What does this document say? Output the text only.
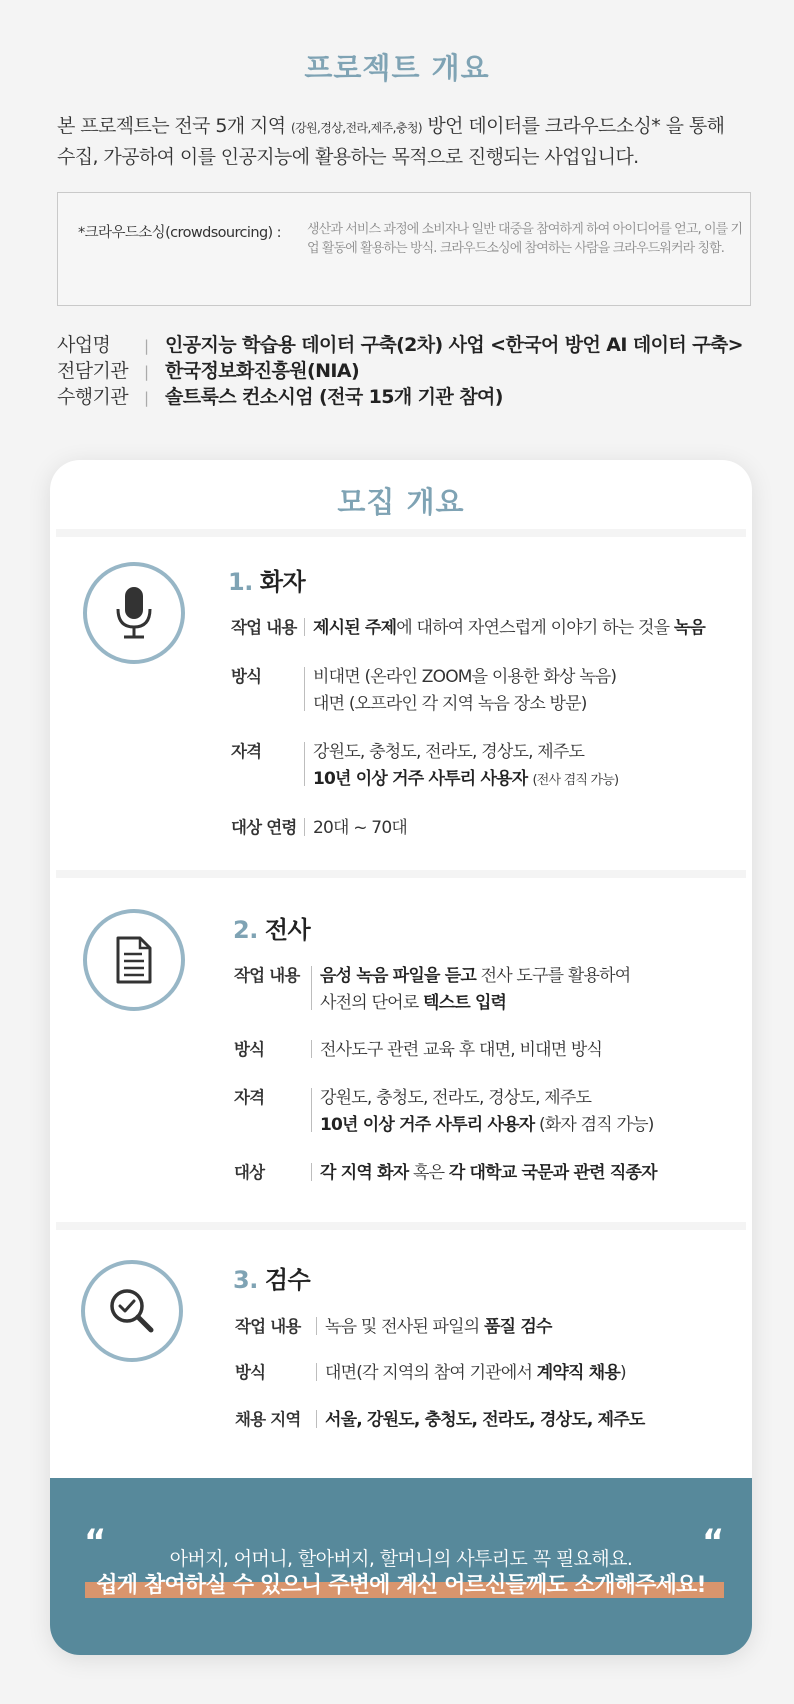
프로젝트 개요
본 프로젝트는 전국 5개 지역 (강원,경상,전라,제주,충청) 방언 데이터를 크라우드소싱* 을 통해
수집, 가공하여 이를 인공지능에 활용하는 목적으로 진행되는 사업입니다.
*크라우드소싱(crowdsourcing) : 생산과 서비스 과정에 소비자나 일반 대중을 참여하게 하여 아이디어를 얻고, 이를 기업 활동에 활용하는 방식. 크라우드소싱에 참여하는 사람을 크라우드워커라 칭함.
사업명 | 인공지능 학습용 데이터 구축(2차) 사업 <한국어 방언 AI 데이터 구축>
전담기관 | 한국정보화진흥원(NIA)
수행기관 | 솔트룩스 컨소시엄 (전국 15개 기관 참여)
모집 개요
1. 화자
작업 내용 제시된 주제에 대하여 자연스럽게 이야기 하는 것을 녹음
방식	비대면 (온라인 ZOOM을 이용한 화상 녹음)
대면 (오프라인 각 지역 녹음 장소 방문)
자격	강원도, 충청도, 전라도, 경상도, 제주도
10년 이상 거주 사투리 사용자 (전사 겸직 가능)
대상 연령 20대 ~ 70대
2. 전사
작업 내용 음성 녹음 파일을 듣고 전사 도구를 활용하여
사전의 단어로 텍스트 입력
방식	전사도구 관련 교육 후 대면, 비대면 방식
자격	강원도, 충청도, 전라도, 경상도, 제주도
10년 이상 거주 사투리 사용자 (화자 겸직 가능)
대상	각 지역 화자 혹은 각 대학교 국문과 관련 직종자
3. 검수
작업 내용 녹음 및 전사된 파일의 품질 검수
방식	대면(각 지역의 참여 기관에서 계약직 채용)
채용 지역 서울, 강원도, 충청도, 전라도, 경상도, 제주도
“	“
아버지, 어머니, 할아버지, 할머니의 사투리도 꼭 필요해요.
쉽게 참여하실 수 있으니 주변에 계신 어르신들께도 소개해주세요!
